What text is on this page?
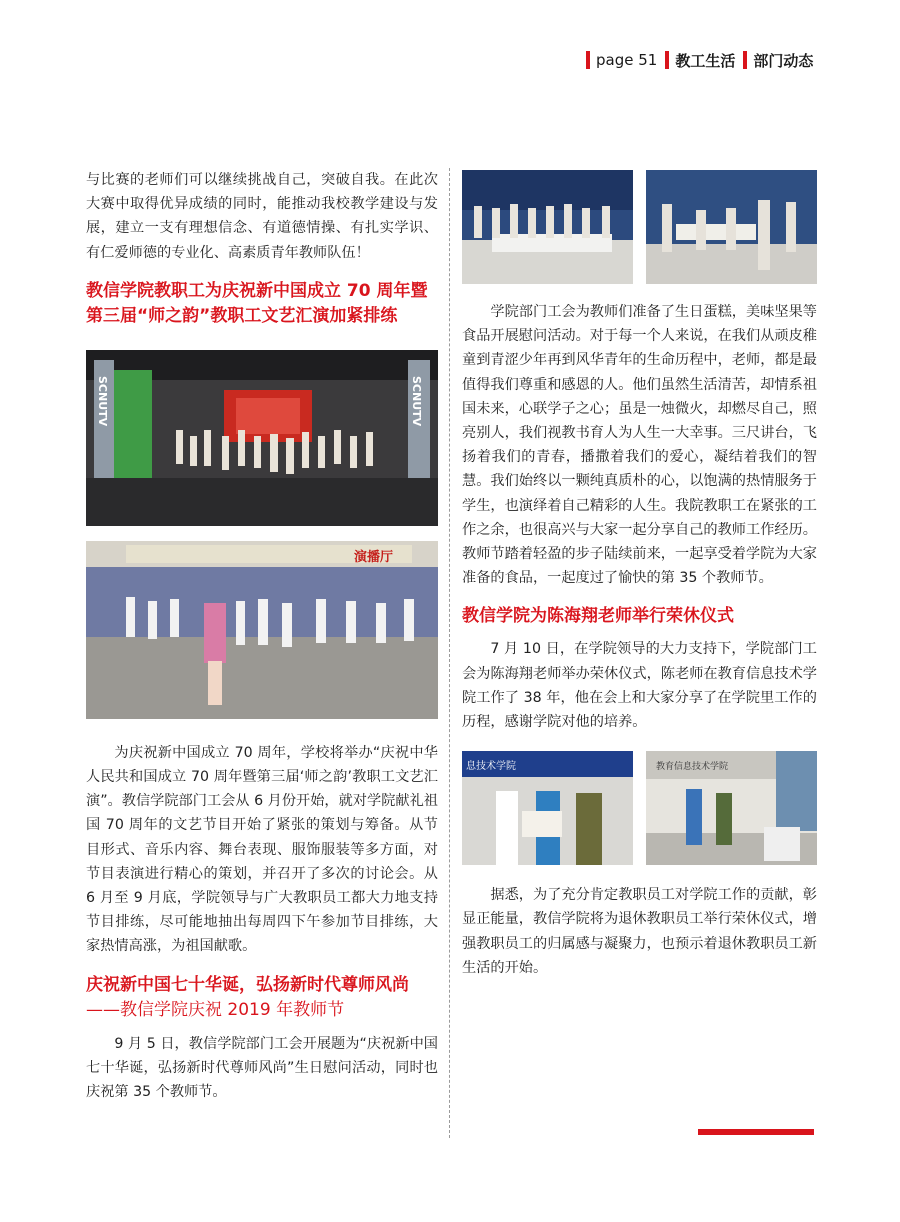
page 51 教工生活 部门动态

与比赛的老师们可以继续挑战自己，突破自我。在此次大赛中取得优异成绩的同时，能推动我校教学建设与发展，建立一支有理想信念、有道德情操、有扎实学识、有仁爱师德的专业化、高素质青年教师队伍！

教信学院教职工为庆祝新中国成立 70 周年暨第三届“师之韵”教职工文艺汇演加紧排练
SCNUTV	SCNUTV
演播厅

为庆祝新中国成立 70 周年，学校将举办“庆祝中华人民共和国成立 70 周年暨第三届‘师之韵’教职工文艺汇演”。教信学院部门工会从 6 月份开始，就对学院献礼祖国 70 周年的文艺节目开始了紧张的策划与筹备。从节目形式、音乐内容、舞台表现、服饰服装等多方面，对节目表演进行精心的策划，并召开了多次的讨论会。从 6 月至 9 月底，学院领导与广大教职员工都大力地支持节目排练，尽可能地抽出每周四下午参加节目排练，大家热情高涨，为祖国献歌。

庆祝新中国七十华诞，弘扬新时代尊师风尚——教信学院庆祝 2019 年教师节

9 月 5 日，教信学院部门工会开展题为“庆祝新中国七十华诞，弘扬新时代尊师风尚”生日慰问活动，同时也庆祝第 35 个教师节。

学院部门工会为教师们准备了生日蛋糕，美味坚果等食品开展慰问活动。对于每一个人来说，在我们从顽皮稚童到青涩少年再到风华青年的生命历程中，老师，都是最值得我们尊重和感恩的人。他们虽然生活清苦，却情系祖国未来，心联学子之心；虽是一烛微火，却燃尽自己，照亮别人，我们视教书育人为人生一大幸事。三尺讲台，飞扬着我们的青春，播撒着我们的爱心，凝结着我们的智慧。我们始终以一颗纯真质朴的心，以饱满的热情服务于学生，也演绎着自己精彩的人生。我院教职工在紧张的工作之余，也很高兴与大家一起分享自己的教师工作经历。教师节踏着轻盈的步子陆续前来，一起享受着学院为大家准备的食品，一起度过了愉快的第 35 个教师节。

教信学院为陈海翔老师举行荣休仪式

7 月 10 日，在学院领导的大力支持下，学院部门工会为陈海翔老师举办荣休仪式，陈老师在教育信息技术学院工作了 38 年，他在会上和大家分享了在学院里工作的历程，感谢学院对他的培养。

息技术学院	教育信息技术学院

据悉，为了充分肯定教职员工对学院工作的贡献，彰显正能量，教信学院将为退休教职员工举行荣休仪式，增强教职员工的归属感与凝聚力，也预示着退休教职员工新生活的开始。
